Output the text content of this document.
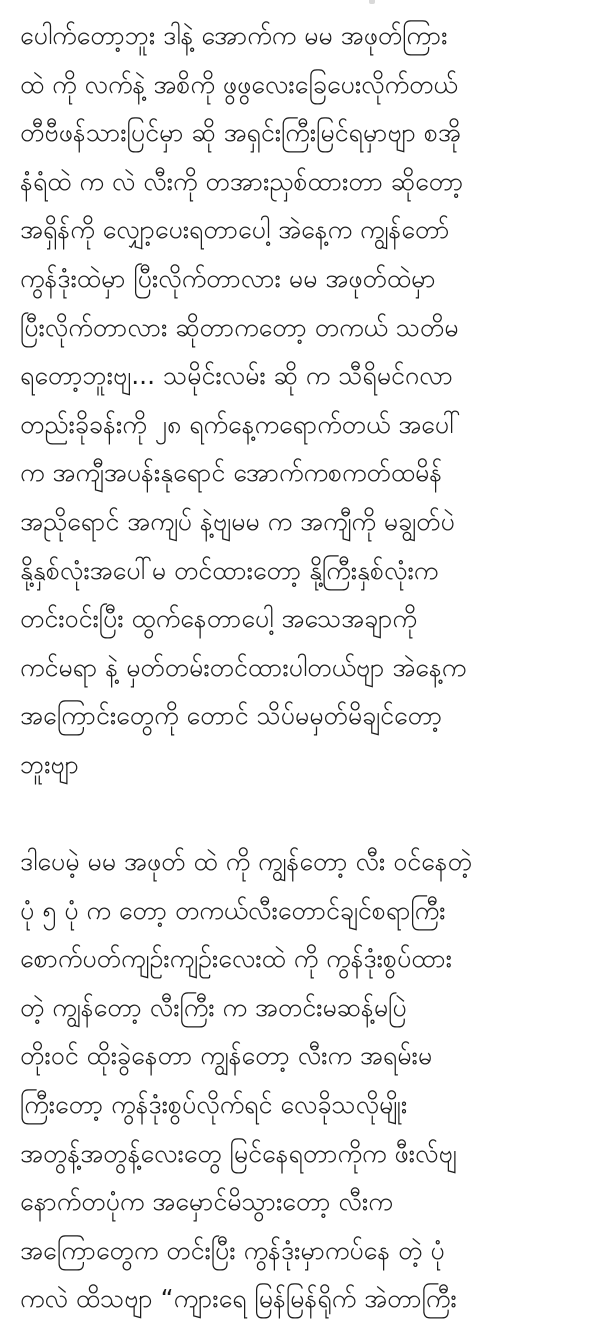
ပေါက်တော့ဘူး ဒါနဲ့ အောက်က မမ အဖုတ်ကြား
ထဲ ကို လက်နဲ့ အစိကို ဖွဖွလေးခြေပေးလိုက်တယ်
တီဗီဖန်သားပြင်မှာ ဆို အရှင်းကြီးမြင်ရမှာဗျာ စအို
နံရံထဲ က လဲ လီးကို တအားညှစ်ထားတာ ဆိုတော့
အရှိန်ကို လျှော့ပေးရတာပေါ့ အဲနေ့က ကျွန်တော်
ကွန်ဒုံးထဲမှာ ပြီးလိုက်တာလား မမ အဖုတ်ထဲမှာ
ပြီးလိုက်တာလား ဆိုတာကတော့ တကယ် သတိမ
ရတော့ဘူးဗျ... သမိုင်းလမ်း ဆို က သီရိမင်ဂလာ
တည်းခိုခန်းကို ၂၈ ရက်နေ့ကရောက်တယ် အပေါ်
က အကျီအပန်းနုရောင် အောက်ကစကတ်ထမိန်
အညိုရောင် အကျပ် နဲ့ဗျမမ က အကျီကို မချွတ်ပဲ
နို့နှစ်လုံးအပေါ်မ တင်ထားတော့ နို့ကြီးနှစ်လုံးက
တင်းဝင်းပြီး ထွက်နေတာပေါ့ အသေအချာကို
ကင်မရာ နဲ့ မှတ်တမ်းတင်ထားပါတယ်ဗျာ အဲနေ့က
အကြောင်းတွေကို တောင် သိပ်မမှတ်မိချင်တော့
ဘူးဗျာ
ဒါပေမဲ့ မမ အဖုတ် ထဲ ကို ကျွန်တော့ လီး ဝင်နေတဲ့
ပုံ ၅ ပုံ က တော့ တကယ်လီးတောင်ချင်စရာကြီး
စောက်ပတ်ကျဉ်းကျဉ်းလေးထဲ ကို ကွန်ဒုံးစွပ်ထား
တဲ့ ကျွန်တော့ လီးကြီး က အတင်းမဆန့်မပြဲ
တိုးဝင် ထိုးခွဲနေတာ ကျွန်တော့ လီးက အရမ်းမ
ကြီးတော့ ကွန်ဒုံးစွပ်လိုက်ရင် လေခိုသလိုမျိုး
အတွန့်အတွန့်လေးတွေ မြင်နေရတာကိုက ဖီးလ်ဗျ
နောက်တပုံက အမှောင်မိသွားတော့ လီးက
အကြောတွေက တင်းပြီး ကွန်ဒုံးမှာကပ်နေ တဲ့ ပုံ
ကလဲ ထိသဗျာ “ကျားရေ မြန်မြန်ရိုက် အဲတာကြီး
